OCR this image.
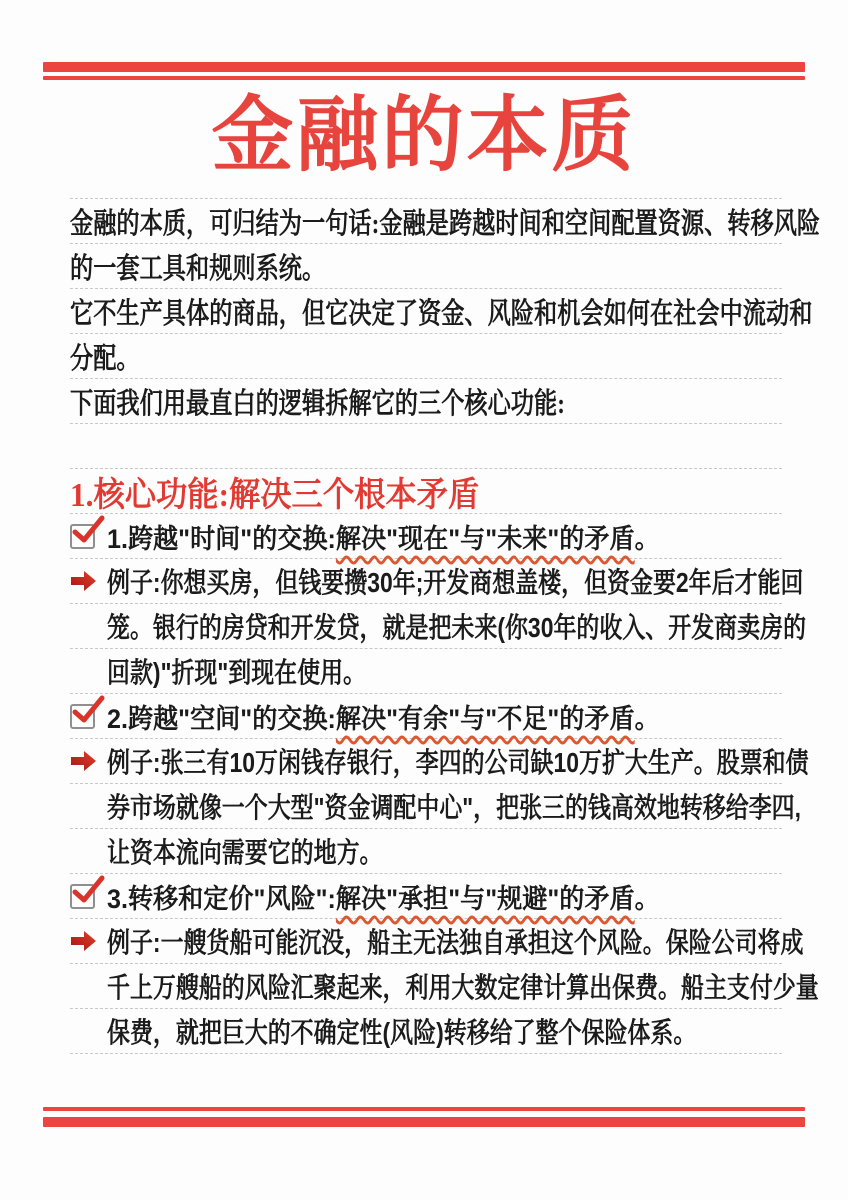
金融的本质
金融的本质，可归结为一句话:金融是跨越时间和空间配置资源、转移风险
的一套工具和规则系统。
它不生产具体的商品，但它决定了资金、风险和机会如何在社会中流动和
分配。
下面我们用最直白的逻辑拆解它的三个核心功能:
1.核心功能:解决三个根本矛盾
1.跨越"时间"的交换:解决"现在"与"未来"的矛盾。
例子:你想买房，但钱要攒30年;开发商想盖楼，但资金要2年后才能回
笼。银行的房贷和开发贷，就是把未来(你30年的收入、开发商卖房的
回款)"折现"到现在使用。
2.跨越"空间"的交换:解决"有余"与"不足"的矛盾。
例子:张三有10万闲钱存银行，李四的公司缺10万扩大生产。股票和债
券市场就像一个大型"资金调配中心"，把张三的钱高效地转移给李四,
让资本流向需要它的地方。
3.转移和定价"风险":解决"承担"与"规避"的矛盾。
例子:一艘货船可能沉没，船主无法独自承担这个风险。保险公司将成
千上万艘船的风险汇聚起来，利用大数定律计算出保费。船主支付少量
保费，就把巨大的不确定性(风险)转移给了整个保险体系。
